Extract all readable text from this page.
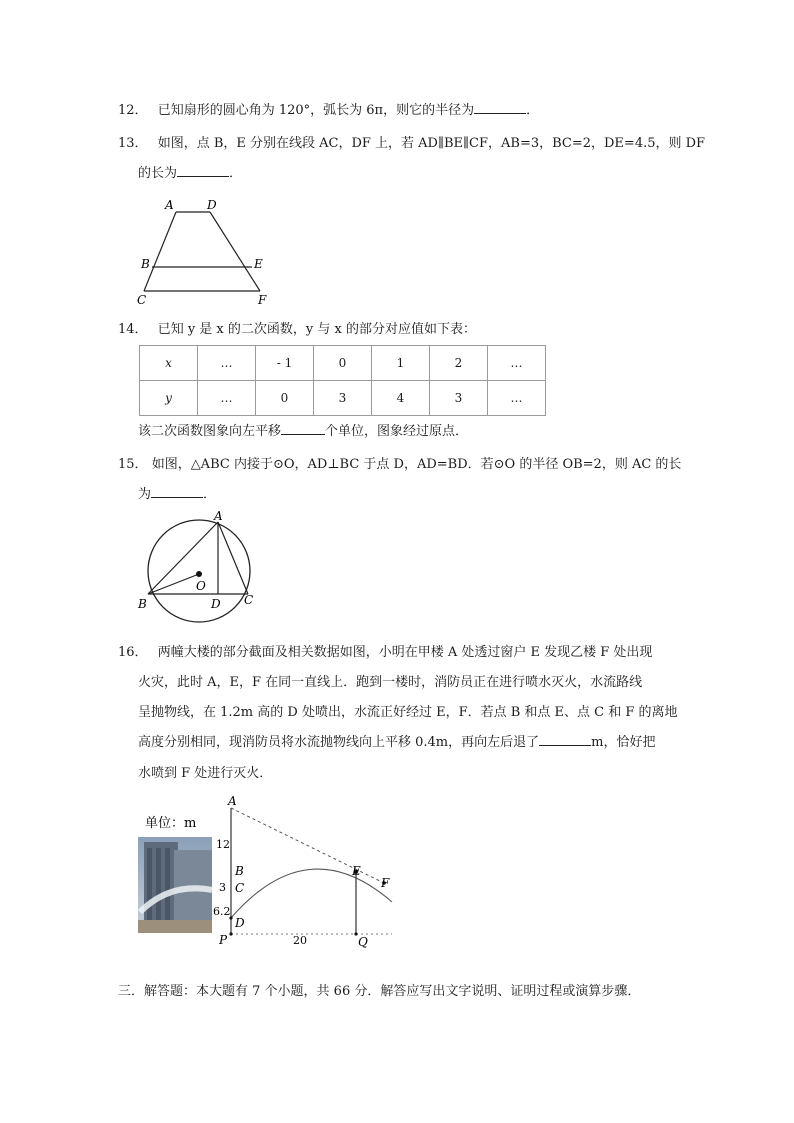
12． 已知扇形的圆心角为 120°，弧长为 6π，则它的半径为	．
13． 如图，点 B，E 分别在线段 AC，DF 上，若 AD∥BE∥CF，AB=3，BC=2，DE=4.5，则 DF
的长为	．
A	D
B	E
C	F
14． 已知 y 是 x 的二次函数，y 与 x 的部分对应值如下表：
x	…	- 1	0	1	2	…
y	…	0	3	4	3	…
该二次函数图象向左平移	个单位，图象经过原点．
15． 如图，△ABC 内接于⊙O，AD⊥BC 于点 D，AD=BD．若⊙O 的半径 OB=2，则 AC 的长
为	．
A
O
B	D C
16． 两幢大楼的部分截面及相关数据如图，小明在甲楼 A 处透过窗户 E 发现乙楼 F 处出现
火灾，此时 A，E，F 在同一直线上．跑到一楼时，消防员正在进行喷水灭火，水流路线
呈抛物线，在 1.2m 高的 D 处喷出，水流正好经过 E，F．若点 B 和点 E、点 C 和 F 的离地
高度分别相同，现消防员将水流抛物线向上平移 0.4m，再向左后退了	m，恰好把
水喷到 F 处进行灭火．
单位：m
A
B
C
D
E
F
P	Q
12
3
6.2
20
三．解答题：本大题有 7 个小题，共 66 分．解答应写出文字说明、证明过程或演算步骤．
